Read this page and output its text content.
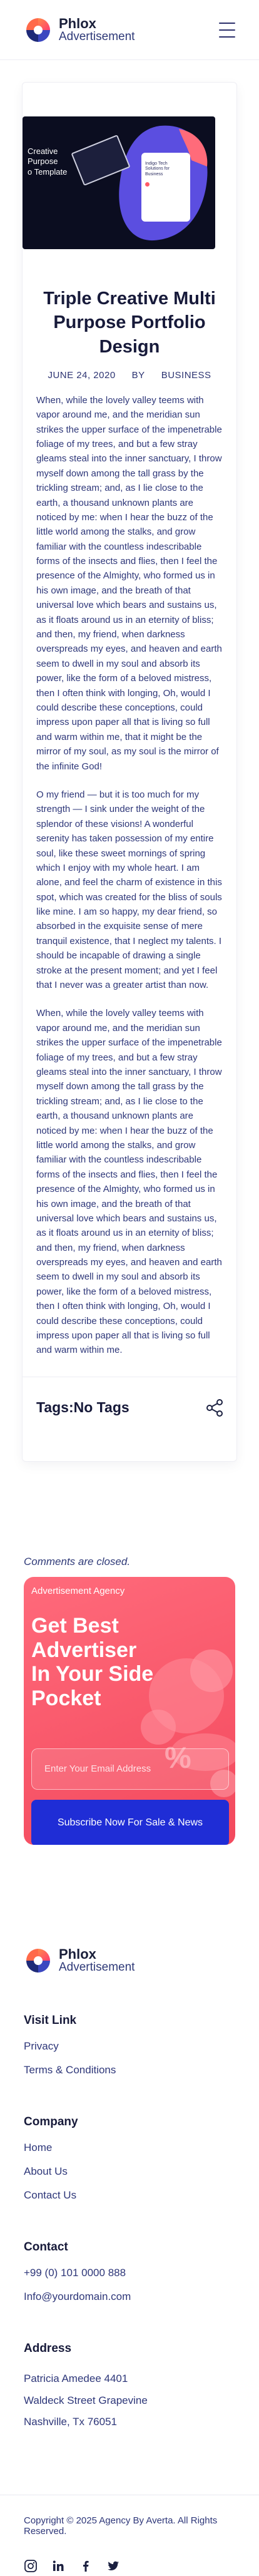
Phlox
Advertisement
Creative
Purpose
o Template
Indigo Tech
Solutions for
Business
Triple Creative Multi Purpose Portfolio Design
JUNE 24, 2020 BY BUSINESS

When, while the lovely valley teems with vapor around me, and the meridian sun strikes the upper surface of the impenetrable foliage of my trees, and but a few stray gleams steal into the inner sanctuary, I throw myself down among the tall grass by the trickling stream; and, as I lie close to the earth, a thousand unknown plants are noticed by me: when I hear the buzz of the little world among the stalks, and grow familiar with the countless indescribable forms of the insects and flies, then I feel the presence of the Almighty, who formed us in his own image, and the breath of that universal love which bears and sustains us, as it floats around us in an eternity of bliss; and then, my friend, when darkness overspreads my eyes, and heaven and earth seem to dwell in my soul and absorb its power, like the form of a beloved mistress, then I often think with longing, Oh, would I could describe these conceptions, could impress upon paper all that is living so full and warm within me, that it might be the mirror of my soul, as my soul is the mirror of the infinite God!

O my friend — but it is too much for my strength — I sink under the weight of the splendor of these visions! A wonderful serenity has taken possession of my entire soul, like these sweet mornings of spring which I enjoy with my whole heart. I am alone, and feel the charm of existence in this spot, which was created for the bliss of souls like mine. I am so happy, my dear friend, so absorbed in the exquisite sense of mere tranquil existence, that I neglect my talents. I should be incapable of drawing a single stroke at the present moment; and yet I feel that I never was a greater artist than now.

When, while the lovely valley teems with vapor around me, and the meridian sun strikes the upper surface of the impenetrable foliage of my trees, and but a few stray gleams steal into the inner sanctuary, I throw myself down among the tall grass by the trickling stream; and, as I lie close to the earth, a thousand unknown plants are noticed by me: when I hear the buzz of the little world among the stalks, and grow familiar with the countless indescribable forms of the insects and flies, then I feel the presence of the Almighty, who formed us in his own image, and the breath of that universal love which bears and sustains us, as it floats around us in an eternity of bliss; and then, my friend, when darkness overspreads my eyes, and heaven and earth seem to dwell in my soul and absorb its power, like the form of a beloved mistress, then I often think with longing, Oh, would I could describe these conceptions, could impress upon paper all that is living so full and warm within me.

Tags:No Tags
Comments are closed.
%
Advertisement Agency
Get Best Advertiser
In Your Side Pocket
Enter Your Email Address Subscribe Now For Sale & News
Phlox
Advertisement
Visit Link
Privacy
Terms & Conditions
Company
Home
About Us
Contact Us
Contact
+99 (0) 101 0000 888
Info@yourdomain.com
Address
Patricia Amedee 4401
Waldeck Street Grapevine
Nashville, Tx 76051
Copyright © 2025 Agency By Averta. All Rights Reserved.
